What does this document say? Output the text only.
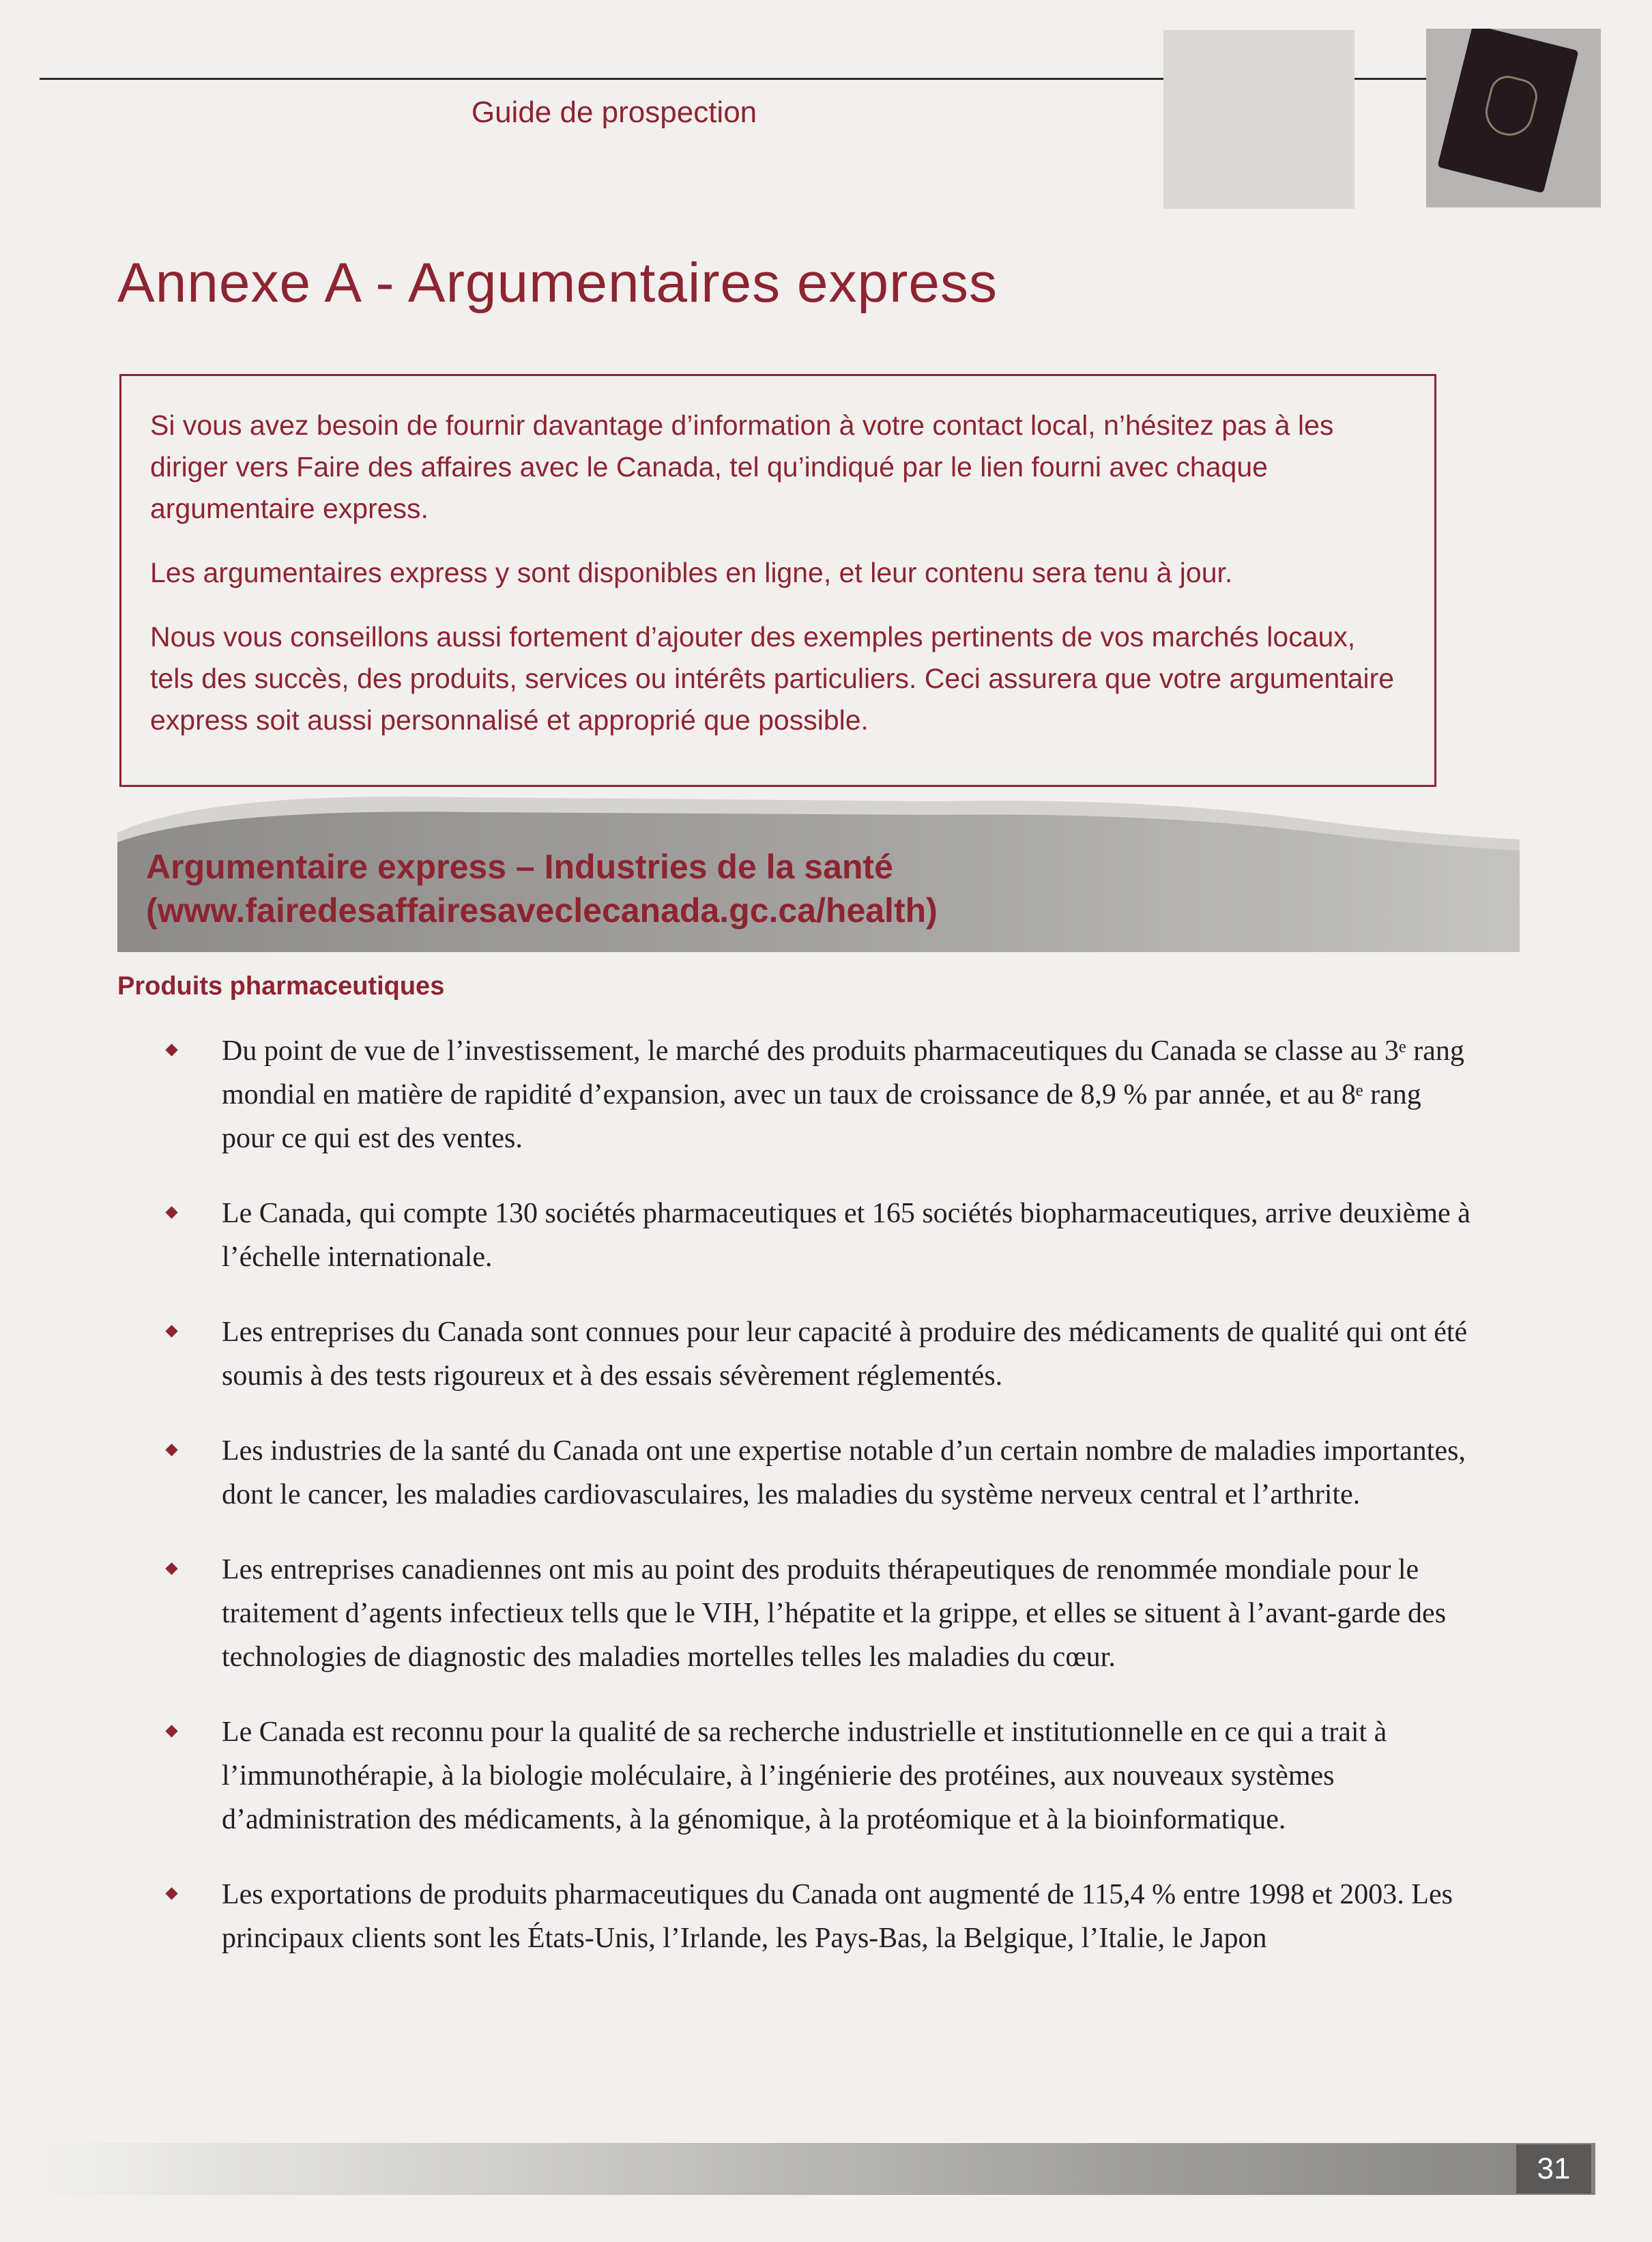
Guide de prospection
Annexe A - Argumentaires express

Si vous avez besoin de fournir davantage d’information à votre contact local, n’hésitez pas à les diriger vers Faire des affaires avec le Canada, tel qu’indiqué par le lien fourni avec chaque argumentaire express.

Les argumentaires express y sont disponibles en ligne, et leur contenu sera tenu à jour.

Nous vous conseillons aussi fortement d’ajouter des exemples pertinents de vos marchés locaux, tels des succès, des produits, services ou intérêts particuliers. Ceci assurera que votre argumentaire express soit aussi personnalisé et approprié que possible.

Argumentaire express – Industries de la santé
(www.fairedesaffairesaveclecanada.gc.ca/health)
Produits pharmaceutiques
Du point de vue de l’investissement, le marché des produits pharmaceutiques du Canada se classe au 3ᵉ rang mondial en matière de rapidité d’expansion, avec un taux de croissance de 8,9 % par année, et au 8ᵉ rang pour ce qui est des ventes.
Le Canada, qui compte 130 sociétés pharmaceutiques et 165 sociétés biopharmaceutiques, arrive deuxième à l’échelle internationale.
Les entreprises du Canada sont connues pour leur capacité à produire des médicaments de qualité qui ont été soumis à des tests rigoureux et à des essais sévèrement réglementés.
Les industries de la santé du Canada ont une expertise notable d’un certain nombre de maladies importantes, dont le cancer, les maladies cardiovasculaires, les maladies du système nerveux central et l’arthrite.
Les entreprises canadiennes ont mis au point des produits thérapeutiques de renommée mondiale pour le traitement d’agents infectieux tells que le VIH, l’hépatite et la grippe, et elles se situent à l’avant-garde des technologies de diagnostic des maladies mortelles telles les maladies du cœur.
Le Canada est reconnu pour la qualité de sa recherche industrielle et institutionnelle en ce qui a trait à l’immunothérapie, à la biologie moléculaire, à l’ingénierie des protéines, aux nouveaux systèmes d’administration des médicaments, à la génomique, à la protéomique et à la bioinformatique.
Les exportations de produits pharmaceutiques du Canada ont augmenté de 115,4 % entre 1998 et 2003. Les principaux clients sont les États-Unis, l’Irlande, les Pays-Bas, la Belgique, l’Italie, le Japon
31
